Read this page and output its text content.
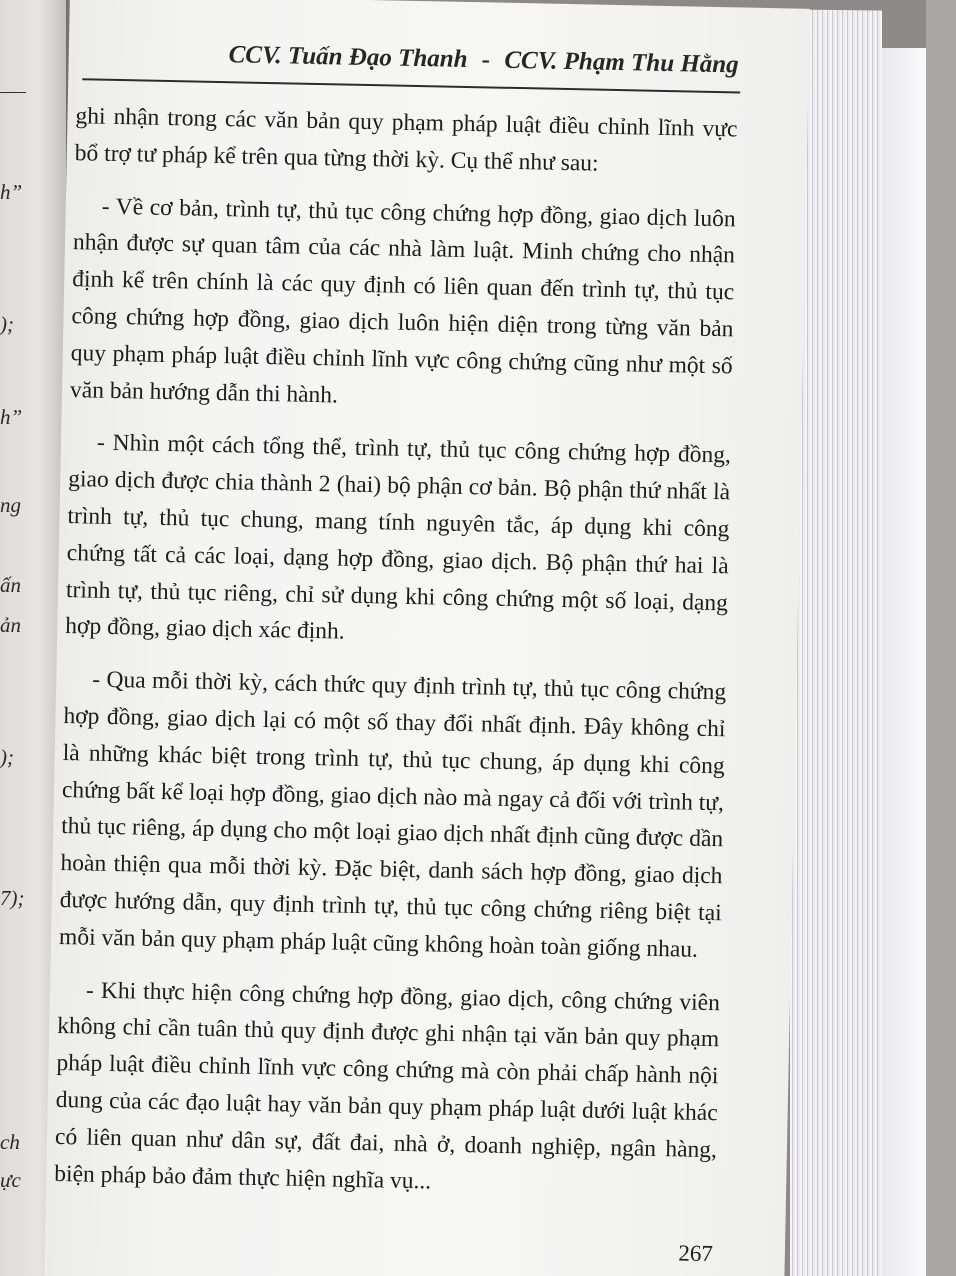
h”
);
h”
ng
ấn
ản
);
7);
ch
ực
CCV. Tuấn Đạo Thanh - CCV. Phạm Thu Hằng

ghi nhận trong các văn bản quy phạm pháp luật điều chỉnh lĩnh vực bổ trợ tư pháp kể trên qua từng thời kỳ. Cụ thể như sau:

- Về cơ bản, trình tự, thủ tục công chứng hợp đồng, giao dịch luôn nhận được sự quan tâm của các nhà làm luật. Minh chứng cho nhận định kể trên chính là các quy định có liên quan đến trình tự, thủ tục công chứng hợp đồng, giao dịch luôn hiện diện trong từng văn bản quy phạm pháp luật điều chỉnh lĩnh vực công chứng cũng như một số văn bản hướng dẫn thi hành.

- Nhìn một cách tổng thể, trình tự, thủ tục công chứng hợp đồng, giao dịch được chia thành 2 (hai) bộ phận cơ bản. Bộ phận thứ nhất là trình tự, thủ tục chung, mang tính nguyên tắc, áp dụng khi công chứng tất cả các loại, dạng hợp đồng, giao dịch. Bộ phận thứ hai là trình tự, thủ tục riêng, chỉ sử dụng khi công chứng một số loại, dạng hợp đồng, giao dịch xác định.

- Qua mỗi thời kỳ, cách thức quy định trình tự, thủ tục công chứng hợp đồng, giao dịch lại có một số thay đổi nhất định. Đây không chỉ là những khác biệt trong trình tự, thủ tục chung, áp dụng khi công chứng bất kể loại hợp đồng, giao dịch nào mà ngay cả đối với trình tự, thủ tục riêng, áp dụng cho một loại giao dịch nhất định cũng được dần hoàn thiện qua mỗi thời kỳ. Đặc biệt, danh sách hợp đồng, giao dịch được hướng dẫn, quy định trình tự, thủ tục công chứng riêng biệt tại mỗi văn bản quy phạm pháp luật cũng không hoàn toàn giống nhau.

- Khi thực hiện công chứng hợp đồng, giao dịch, công chứng viên không chỉ cần tuân thủ quy định được ghi nhận tại văn bản quy phạm pháp luật điều chỉnh lĩnh vực công chứng mà còn phải chấp hành nội dung của các đạo luật hay văn bản quy phạm pháp luật dưới luật khác có liên quan như dân sự, đất đai, nhà ở, doanh nghiệp, ngân hàng, biện pháp bảo đảm thực hiện nghĩa vụ...

267
